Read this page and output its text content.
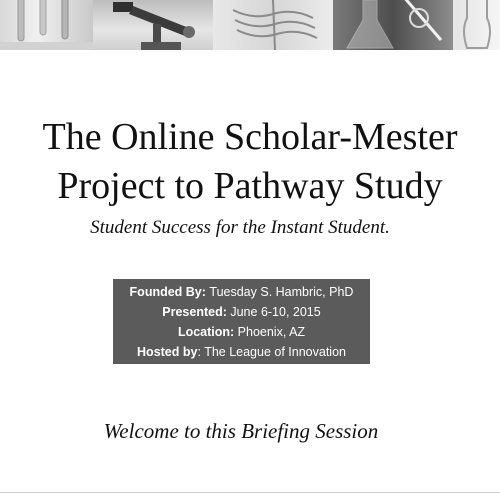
The Online Scholar-Mester
Project to Pathway Study

Student Success for the Instant Student.

Founded By: Tuesday S. Hambric, PhD
Presented: June 6-10, 2015
Location: Phoenix, AZ
Hosted by: The League of Innovation

Welcome to this Briefing Session
